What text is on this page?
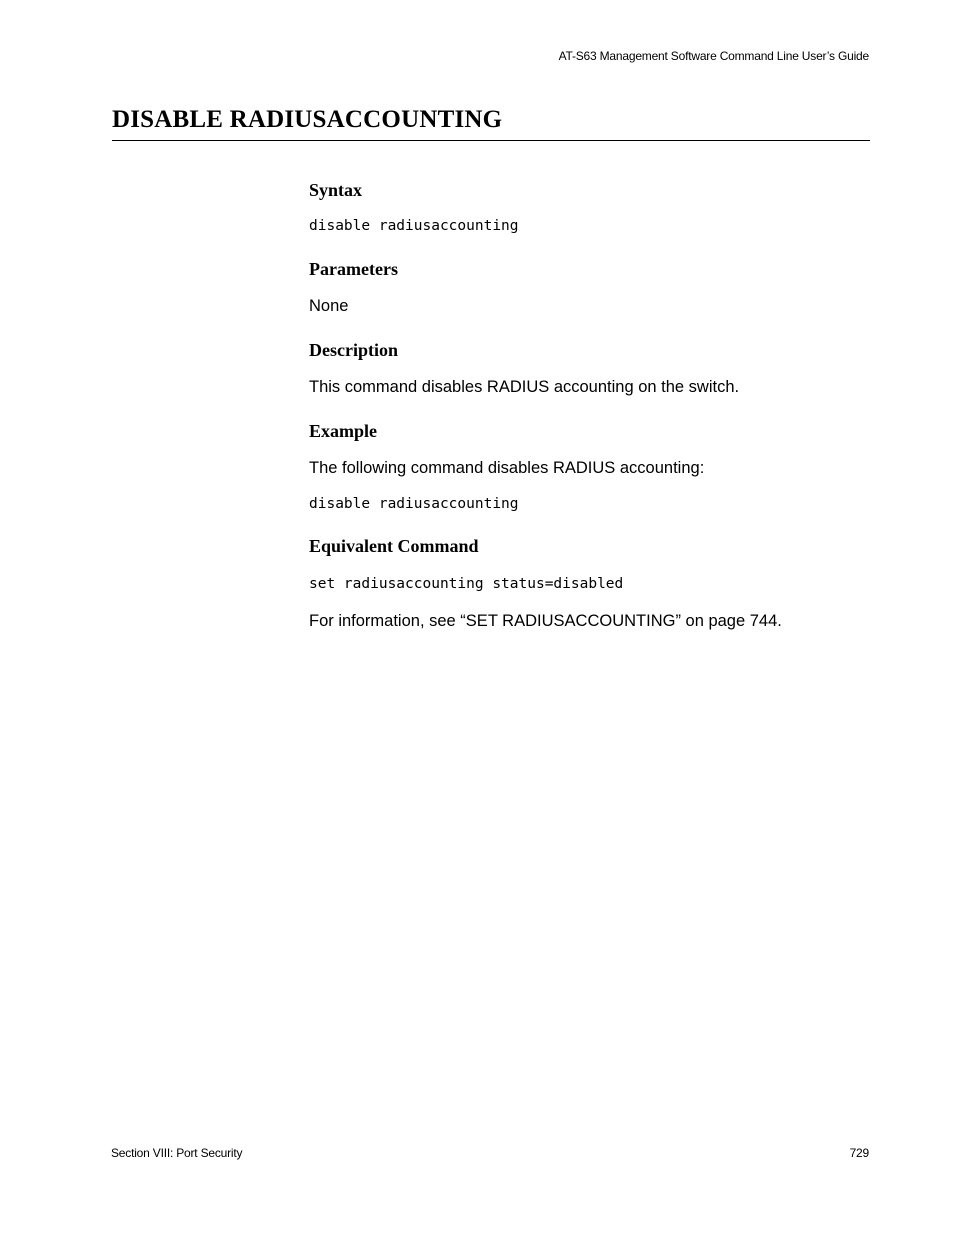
AT-S63 Management Software Command Line User’s Guide
DISABLE RADIUSACCOUNTING
Syntax
disable radiusaccounting
Parameters
None
Description
This command disables RADIUS accounting on the switch.
Example
The following command disables RADIUS accounting:
disable radiusaccounting
Equivalent Command
set radiusaccounting status=disabled
For information, see “SET RADIUSACCOUNTING” on page 744.
Section VIII: Port Security	729
